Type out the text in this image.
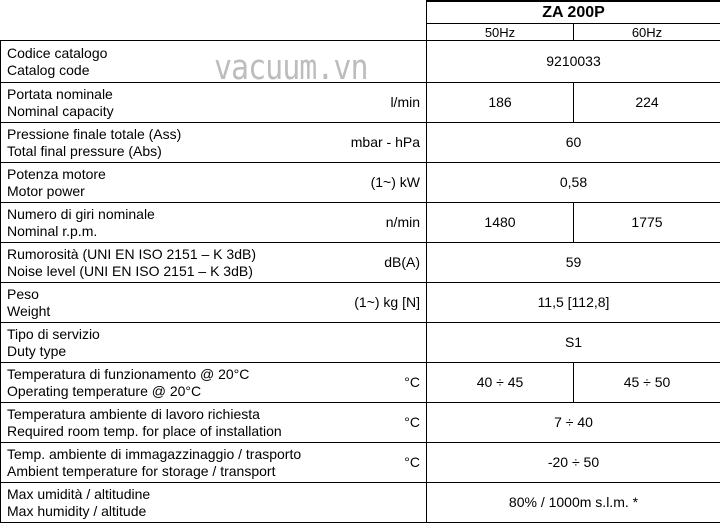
		ZA 200P	
		50Hz	60Hz

Codice catalogo
Catalog code		9210033	

Portata nominale
Nominal capacity	l/min	186	224

Pressione finale totale (Ass)
Total final pressure (Abs)	mbar - hPa	60	

Potenza motore
Motor power	(1~) kW	0,58	

Numero di giri nominale
Nominal r.p.m.	n/min	1480	1775

Rumorosità (UNI EN ISO 2151 – K 3dB)
Noise level (UNI EN ISO 2151 – K 3dB)	dB(A)	59	

Peso
Weight	(1~) kg [N]	11,5 [112,8]	

Tipo di servizio
Duty type		S1	

Temperatura di funzionamento @ 20°C
Operating temperature @ 20°C	°C	40 ÷ 45	45 ÷ 50

Temperatura ambiente di lavoro richiesta
Required room temp. for place of installation	°C	7 ÷ 40	

Temp. ambiente di immagazzinaggio / trasporto
Ambient temperature for storage / transport	°C	-20 ÷ 50	

Max umidità / altitudine
Max humidity / altitude		80% / 1000m s.l.m. *	
vacuum.vn
